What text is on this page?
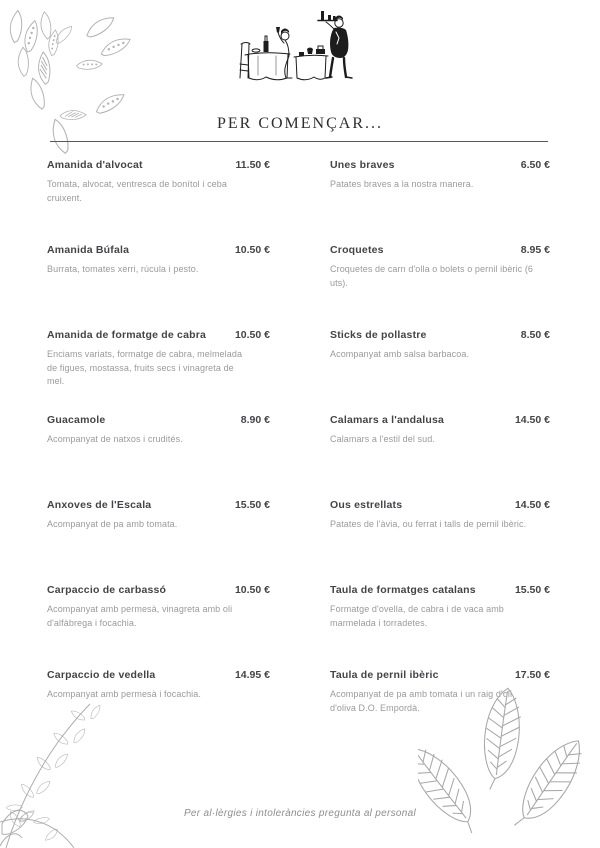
PER COMENÇAR...
Amanida d'alvocat	11.50 €
Tomata, alvocat, ventresca de bonítol i ceba cruixent.
Amanida Búfala	10.50 €
Burrata, tomates xerri, rúcula i pesto.
Amanida de formatge de cabra	10.50 €
Enciams variats, formatge de cabra, melmelada de figues, mostassa, fruits secs i vinagreta de mel.
Guacamole	8.90 €
Acompanyat de natxos i crudités.
Anxoves de l'Escala	15.50 €
Acompanyat de pa amb tomata.
Carpaccio de carbassó	10.50 €
Acompanyat amb permesà, vinagreta amb oli d'alfàbrega i focachia.
Carpaccio de vedella	14.95 €
Acompanyat amb permesà i focachia.
Unes braves	6.50 €
Patates braves a la nostra manera.
Croquetes	8.95 €
Croquetes de carn d'olla o bolets o pernil ibèric (6 uts).
Sticks de pollastre	8.50 €
Acompanyat amb salsa barbacoa.
Calamars a l'andalusa	14.50 €
Calamars a l'estil del sud.
Ous estrellats	14.50 €
Patates de l'àvia, ou ferrat i talls de pernil ibèric.
Taula de formatges catalans	15.50 €
Formatge d'ovella, de cabra i de vaca amb marmelada i torradetes.
Taula de pernil ibèric	17.50 €
Acompanyat de pa amb tomata i un raig d'oli d'oliva D.O. Empordà.
Per al·lèrgies i intoleràncies pregunta al personal
